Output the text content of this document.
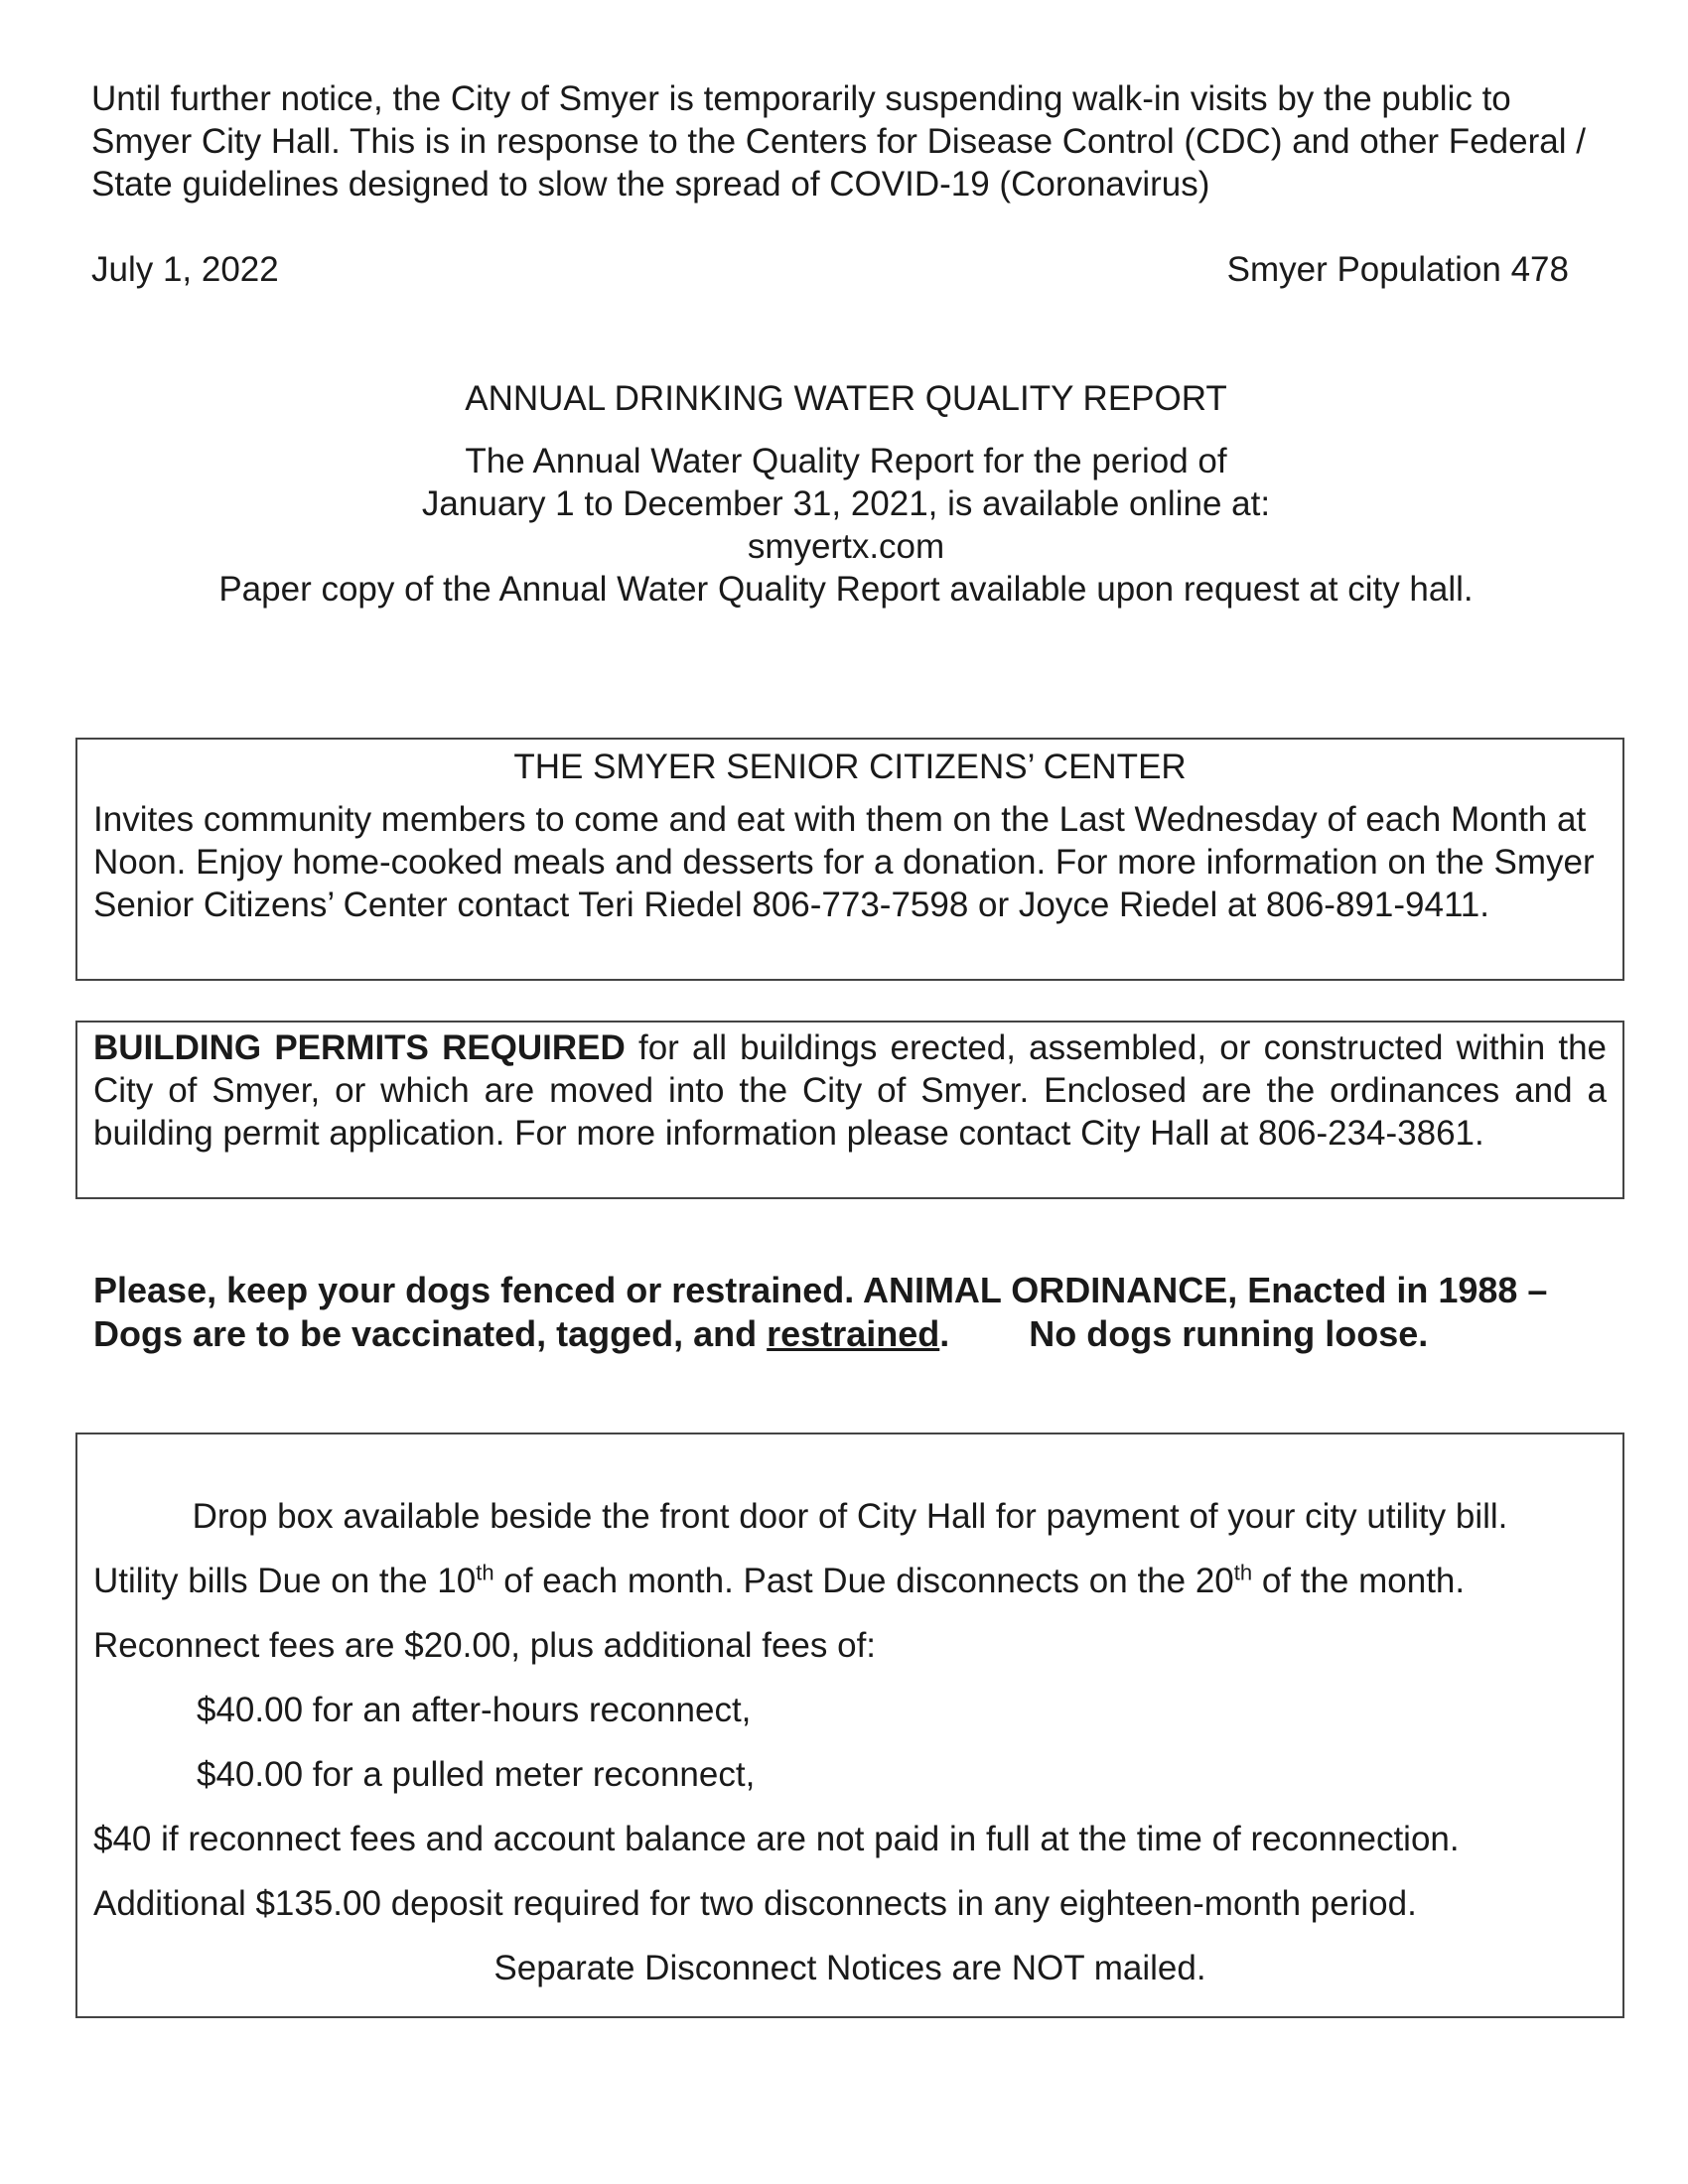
Until further notice, the City of Smyer is temporarily suspending walk-in visits by the public to Smyer City Hall. This is in response to the Centers for Disease Control (CDC) and other Federal / State guidelines designed to slow the spread of COVID-19 (Coronavirus)

July 1, 2022	Smyer Population 478

ANNUAL DRINKING WATER QUALITY REPORT

The Annual Water Quality Report for the period of

January 1 to December 31, 2021, is available online at:

smyertx.com

Paper copy of the Annual Water Quality Report available upon request at city hall.

THE SMYER SENIOR CITIZENS’ CENTER

Invites community members to come and eat with them on the Last Wednesday of each Month at Noon. Enjoy home-cooked meals and desserts for a donation. For more information on the Smyer Senior Citizens’ Center contact Teri Riedel 806-773-7598 or Joyce Riedel at 806-891-9411.

BUILDING PERMITS REQUIRED for all buildings erected, assembled, or constructed within the City of Smyer, or which are moved into the City of Smyer. Enclosed are the ordinances and a building permit application. For more information please contact City Hall at 806-234-3861.

Please, keep your dogs fenced or restrained. ANIMAL ORDINANCE, Enacted in 1988 – Dogs are to be vaccinated, tagged, and restrained. No dogs running loose.

Drop box available beside the front door of City Hall for payment of your city utility bill.

Utility bills Due on the 10th of each month. Past Due disconnects on the 20th of the month.

Reconnect fees are $20.00, plus additional fees of:

$40.00 for an after-hours reconnect,

$40.00 for a pulled meter reconnect,

$40 if reconnect fees and account balance are not paid in full at the time of reconnection.

Additional $135.00 deposit required for two disconnects in any eighteen-month period.

Separate Disconnect Notices are NOT mailed.
